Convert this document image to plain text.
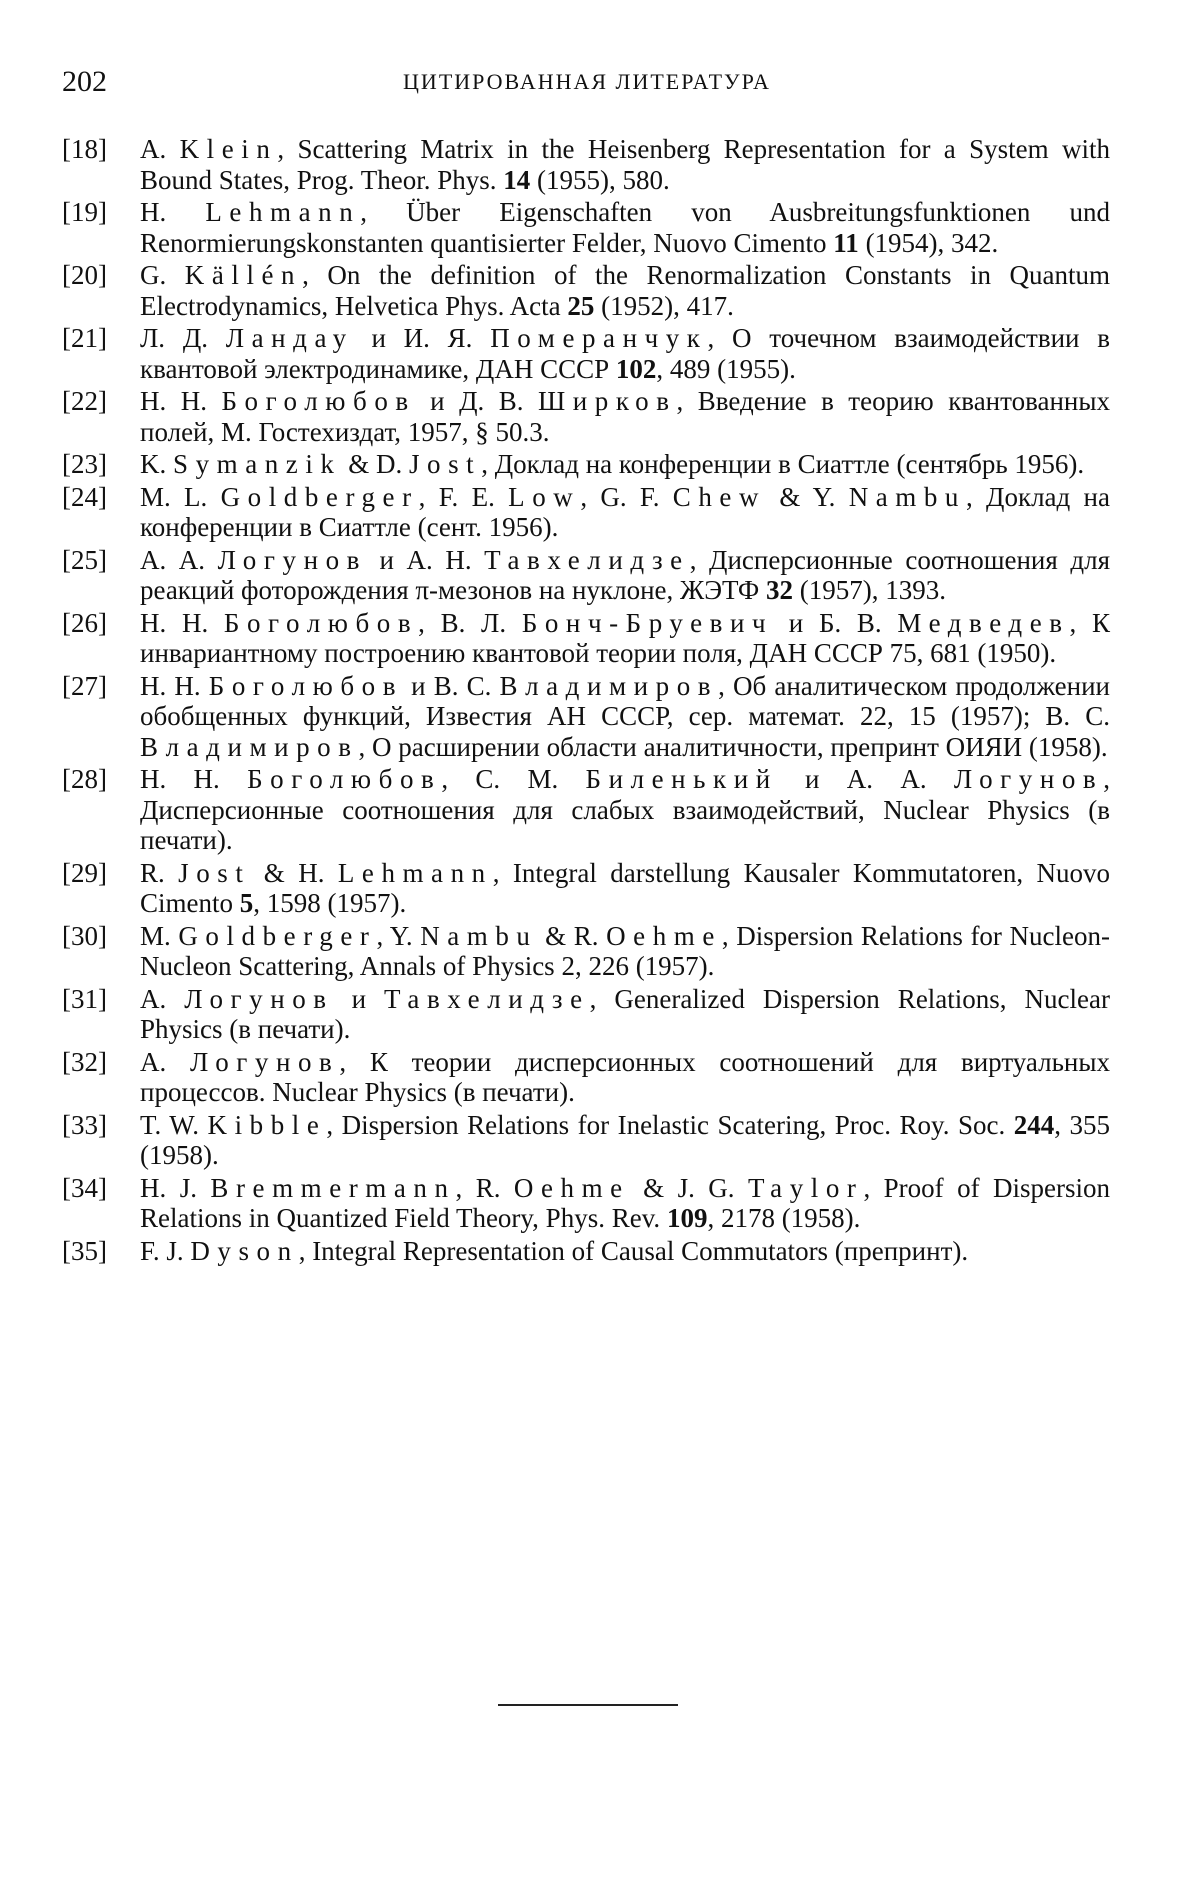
202	ЦИТИРОВАННАЯ ЛИТЕРАТУРА
[18]	A. Klein, Scattering Matrix in the Heisenberg Representation for a System with Bound States, Prog. Theor. Phys. 14 (1955), 580.
[19]	H. Lehmann, Über Eigenschaften von Ausbreitungsfunktionen und Renormierungskonstanten quantisierter Felder, Nuovo Cimento 11 (1954), 342.
[20]	G. Källén, On the definition of the Renormalization Constants in Quantum Electrodynamics, Helvetica Phys. Acta 25 (1952), 417.
[21]	Л. Д. Ландау и И. Я. Померанчук, О точечном взаимодействии в квантовой электродинамике, ДАН СССР 102, 489 (1955).
[22]	Н. Н. Боголюбов и Д. В. Ширков, Введение в теорию квантованных полей, М. Гостехиздат, 1957, § 50.3.
[23]	K. Symanzik & D. Jost, Доклад на конференции в Сиаттле (сентябрь 1956).
[24]	M. L. Goldberger, F. E. Low, G. F. Chew & Y. Nambu, Доклад на конференции в Сиаттле (сент. 1956).
[25]	А. А. Логунов и А. Н. Тавхелидзе, Дисперсионные соотношения для реакций фоторождения π-мезонов на нуклоне, ЖЭТФ 32 (1957), 1393.
[26]	Н. Н. Боголюбов, В. Л. Бонч-Бруевич и Б. В. Медведев, К инвариантному построению квантовой теории поля, ДАН СССР 75, 681 (1950).
[27]	Н. Н. Боголюбов и В. С. Владимиров, Об аналитическом продолжении обобщенных функций, Известия АН СССР, сер. математ. 22, 15 (1957); В. С. Владимиров, О расширении области аналитичности, препринт ОИЯИ (1958).
[28]	Н. Н. Боголюбов, С. М. Биленький и А. А. Логунов, Дисперсионные соотношения для слабых взаимодействий, Nuclear Physics (в печати).
[29]	R. Jost & H. Lehmann, Integral darstellung Kausaler Kommutatoren, Nuovo Cimento 5, 1598 (1957).
[30]	M. Goldberger, Y. Nambu & R. Oehme, Dispersion Relations for Nucleon-Nucleon Scattering, Annals of Physics 2, 226 (1957).
[31]	А. Логунов и Тавхелидзе, Generalized Dispersion Relations, Nuclear Physics (в печати).
[32]	А. Логунов, К теории дисперсионных соотношений для виртуальных процессов. Nuclear Physics (в печати).
[33]	T. W. Kibble, Dispersion Relations for Inelastic Scatering, Proc. Roy. Soc. 244, 355 (1958).
[34]	H. J. Bremmermann, R. Oehme & J. G. Taylor, Proof of Dispersion Relations in Quantized Field Theory, Phys. Rev. 109, 2178 (1958).
[35]	F. J. Dyson, Integral Representation of Causal Commutators (препринт).
